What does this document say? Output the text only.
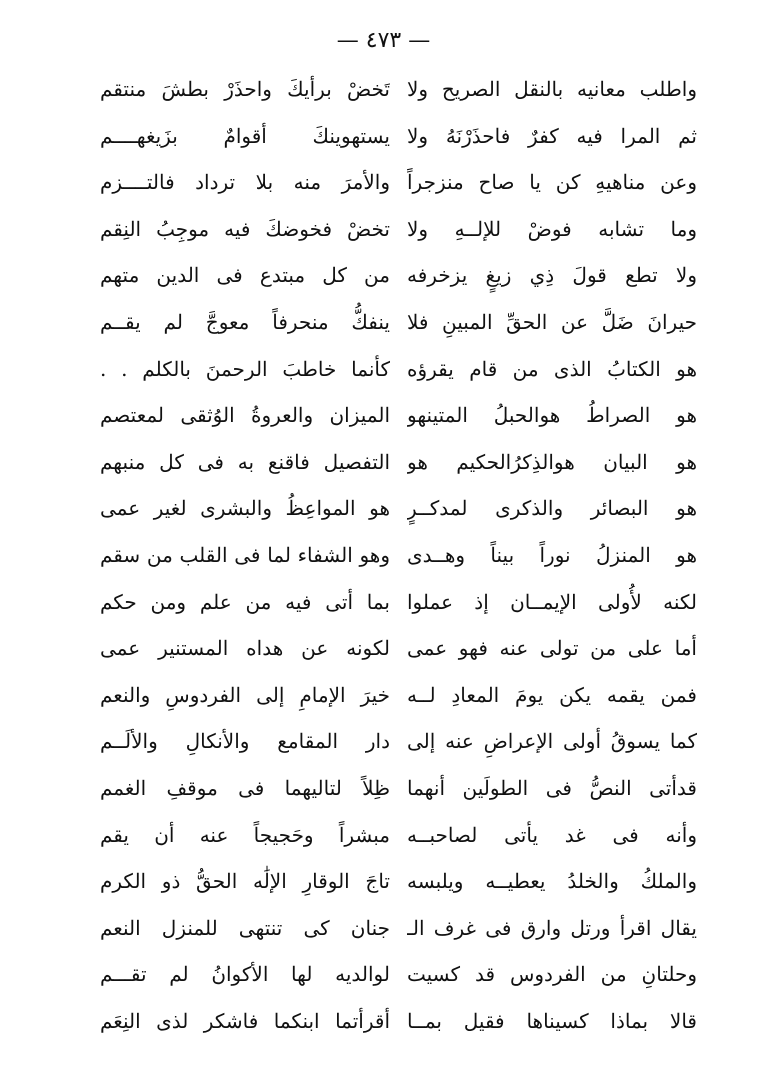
— ٤٧٣ —
واطلب معانيه بالنقل الصريح ولا
تَخضْ برأيكَ واحذَرْ بطشَ منتقم
ثم المرا فيه كفرٌ فاحذَرْنَهُ ولا
يستهوينكَ أقوامٌ بزَيغهــــم
وعن مناهيهِ كن يا صاح منزجراً
والأمرَ منه بلا ترداد فالتــــزم
وما تشابه فوضْ للإلــهِ ولا
تخضْ فخوضكَ فيه موجِبُ النِقم
ولا تطع قولَ ذِي زيغٍ يزخرفه
من كل مبتدع فى الدين متهم
حيرانَ ضَلَّ عن الحقِّ المبينِ فلا
ينفكُّ منحرفاً معوجَّ لم يقــم
هو الكتابُ الذى من قام يقرؤه
كأنما خاطبَ الرحمنَ بالكلم . .
هو الصراطُ هوالحبلُ المتينهو
الميزان والعروةُ الوُثقى لمعتصم
هو البيان هوالذِكرُالحكيم هو
التفصيل فاقنع به فى كل منبهم
هو البصائر والذكرى لمدكــرٍ
هو المواعِظُ والبشرى لغير عمى
هو المنزلُ نوراً بيناً وهــدى
وهو الشفاء لما فى القلب من سقم
لكنه لأُولى الإيمــان إذ عملوا
بما أتى فيه من علم ومن حكم
أما على من تولى عنه فهو عمى
لكونه عن هداه المستنير عمى
فمن يقمه يكن يومَ المعادِ لــه
خيرَ الإمامِ إلى الفردوسِ والنعم
كما يسوقُ أولى الإعراضِ عنه إلى
دار المقامع والأنكالِ والألَــم
قدأتى النصُّ فى الطولَين أنهما
ظِلاً لتاليهما فى موقفِ الغمم
وأنه فى غد يأتى لصاحبــه
مبشراً وحَجيجاً عنه أن يقم
والملكُ والخلدُ يعطيــه ويلبسه
تاجَ الوقارِ الإلَٰه الحقُّ ذو الكرم
يقال اقرأ ورتل وارق فى غرف الـ
جنان كى تنتهى للمنزل النعم
وحلتانِ من الفردوس قد كسيت
لوالديه لها الأكوانُ لم تقـــم
قالا بماذا كسيناها فقيل بمــا
أقرأتما ابنكما فاشكر لذى النِعَم
